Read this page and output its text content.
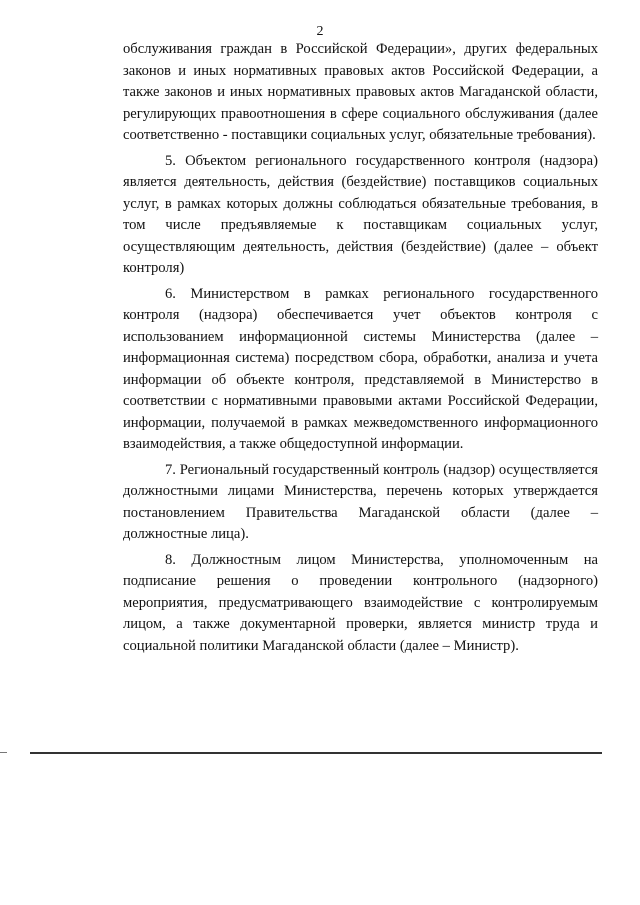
2

обслуживания граждан в Российской Федерации», других федеральных законов и иных нормативных правовых актов Российской Федерации, а также законов и иных нормативных правовых актов Магаданской области, регулирующих правоотношения в сфере социального обслуживания (далее соответственно - поставщики социальных услуг, обязательные требования).

5. Объектом регионального государственного контроля (надзора) является деятельность, действия (бездействие) поставщиков социальных услуг, в рамках которых должны соблюдаться обязательные требования, в том числе предъявляемые к поставщикам социальных услуг, осуществляющим деятельность, действия (бездействие) (далее – объект контроля)

6. Министерством в рамках регионального государственного контроля (надзора) обеспечивается учет объектов контроля с использованием информационной системы Министерства (далее – информационная система) посредством сбора, обработки, анализа и учета информации об объекте контроля, представляемой в Министерство в соответствии с нормативными правовыми актами Российской Федерации, информации, получаемой в рамках межведомственного информационного взаимодействия, а также общедоступной информации.

7. Региональный государственный контроль (надзор) осуществляется должностными лицами Министерства, перечень которых утверждается постановлением Правительства Магаданской области (далее – должностные лица).

8. Должностным лицом Министерства, уполномоченным на подписание решения о проведении контрольного (надзорного) мероприятия, предусматривающего взаимодействие с контролируемым лицом, а также документарной проверки, является министр труда и социальной политики Магаданской области (далее – Министр).
